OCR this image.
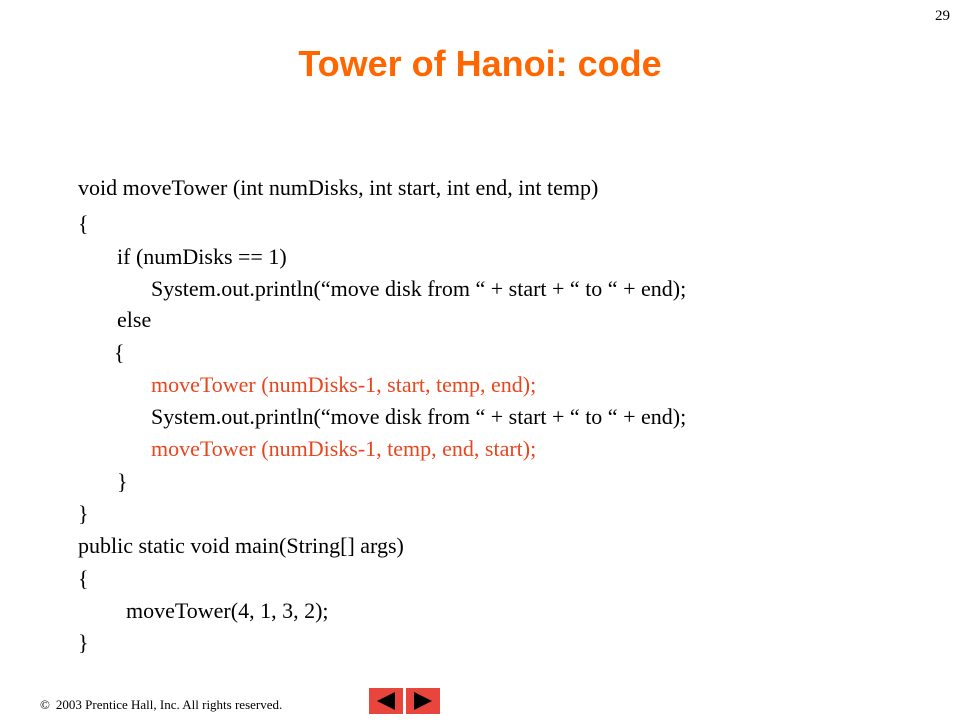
29
Tower of Hanoi: code
void moveTower (int numDisks, int start, int end, int temp)
{
if (numDisks == 1)
System.out.println(“move disk from “ + start + “ to “ + end);
else
{
moveTower (numDisks-1, start, temp, end);
System.out.println(“move disk from “ + start + “ to “ + end);
moveTower (numDisks-1, temp, end, start);
}
}
public static void main(String[] args)
{
moveTower(4, 1, 3, 2);
}
© 2003 Prentice Hall, Inc. All rights reserved.
